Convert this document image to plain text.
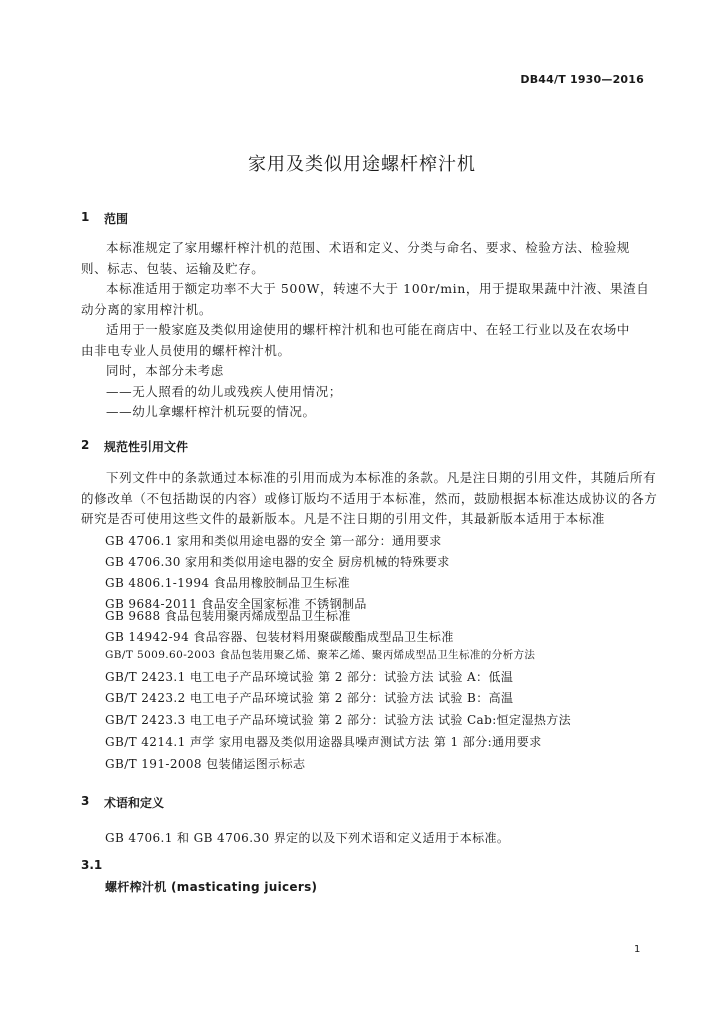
DB44/T 1930—2016
家用及类似用途螺杆榨汁机
1 范围

本标准规定了家用螺杆榨汁机的范围、术语和定义、分类与命名、要求、检验方法、检验规

则、标志、包装、运输及贮存。

本标准适用于额定功率不大于 500W，转速不大于 100r/min，用于提取果蔬中汁液、果渣自

动分离的家用榨汁机。

适用于一般家庭及类似用途使用的螺杆榨汁机和也可能在商店中、在轻工行业以及在农场中

由非电专业人员使用的螺杆榨汁机。

同时，本部分未考虑

——无人照看的幼儿或残疾人使用情况；

——幼儿拿螺杆榨汁机玩耍的情况。

2 规范性引用文件

下列文件中的条款通过本标准的引用而成为本标准的条款。凡是注日期的引用文件，其随后所有

的修改单（不包括勘误的内容）或修订版均不适用于本标准，然而，鼓励根据本标准达成协议的各方

研究是否可使用这些文件的最新版本。凡是不注日期的引用文件，其最新版本适用于本标准

GB 4706.1 家用和类似用途电器的安全 第一部分：通用要求
GB 4706.30 家用和类似用途电器的安全 厨房机械的特殊要求
GB 4806.1-1994 食品用橡胶制品卫生标准
GB 9684-2011 食品安全国家标准 不锈钢制品
GB 9688 食品包装用聚丙烯成型品卫生标准
GB 14942-94 食品容器、包装材料用聚碳酸酯成型品卫生标准
GB/T 5009.60-2003 食品包装用聚乙烯、聚苯乙烯、聚丙烯成型品卫生标准的分析方法
GB/T 2423.1 电工电子产品环境试验 第 2 部分：试验方法 试验 A：低温
GB/T 2423.2 电工电子产品环境试验 第 2 部分：试验方法 试验 B：高温
GB/T 2423.3 电工电子产品环境试验 第 2 部分：试验方法 试验 Cab:恒定湿热方法
GB/T 4214.1 声学 家用电器及类似用途器具噪声测试方法 第 1 部分:通用要求
GB/T 191-2008 包装储运图示标志
3 术语和定义
GB 4706.1 和 GB 4706.30 界定的以及下列术语和定义适用于本标准。
3.1
螺杆榨汁机 (masticating juicers)
1
